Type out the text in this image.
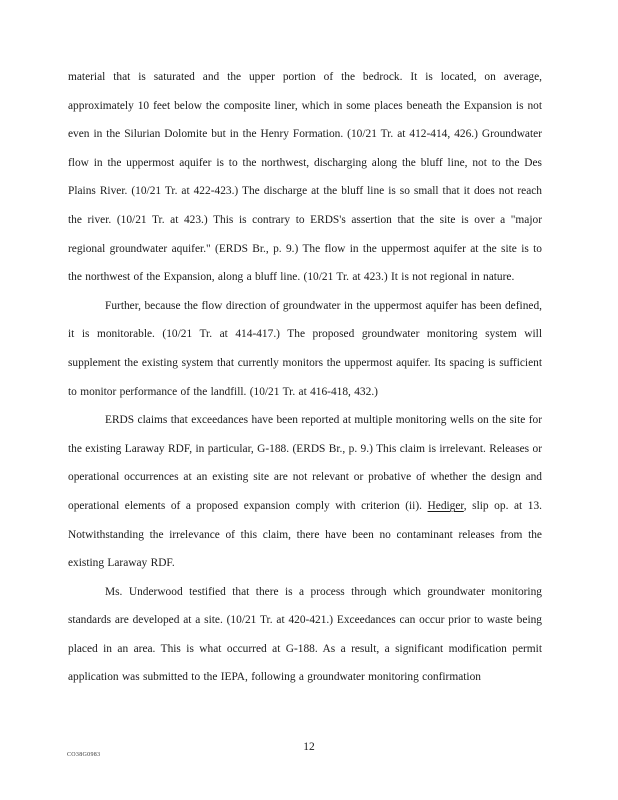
material that is saturated and the upper portion of the bedrock. It is located, on average, approximately 10 feet below the composite liner, which in some places beneath the Expansion is not even in the Silurian Dolomite but in the Henry Formation. (10/21 Tr. at 412-414, 426.) Groundwater flow in the uppermost aquifer is to the northwest, discharging along the bluff line, not to the Des Plains River. (10/21 Tr. at 422-423.) The discharge at the bluff line is so small that it does not reach the river. (10/21 Tr. at 423.) This is contrary to ERDS's assertion that the site is over a "major regional groundwater aquifer." (ERDS Br., p. 9.) The flow in the uppermost aquifer at the site is to the northwest of the Expansion, along a bluff line. (10/21 Tr. at 423.) It is not regional in nature.

Further, because the flow direction of groundwater in the uppermost aquifer has been defined, it is monitorable. (10/21 Tr. at 414-417.) The proposed groundwater monitoring system will supplement the existing system that currently monitors the uppermost aquifer. Its spacing is sufficient to monitor performance of the landfill. (10/21 Tr. at 416-418, 432.)

ERDS claims that exceedances have been reported at multiple monitoring wells on the site for the existing Laraway RDF, in particular, G-188. (ERDS Br., p. 9.) This claim is irrelevant. Releases or operational occurrences at an existing site are not relevant or probative of whether the design and operational elements of a proposed expansion comply with criterion (ii). Hediger, slip op. at 13. Notwithstanding the irrelevance of this claim, there have been no contaminant releases from the existing Laraway RDF.

Ms. Underwood testified that there is a process through which groundwater monitoring standards are developed at a site. (10/21 Tr. at 420-421.) Exceedances can occur prior to waste being placed in an area. This is what occurred at G-188. As a result, a significant modification permit application was submitted to the IEPA, following a groundwater monitoring confirmation

12
CO38G0983
